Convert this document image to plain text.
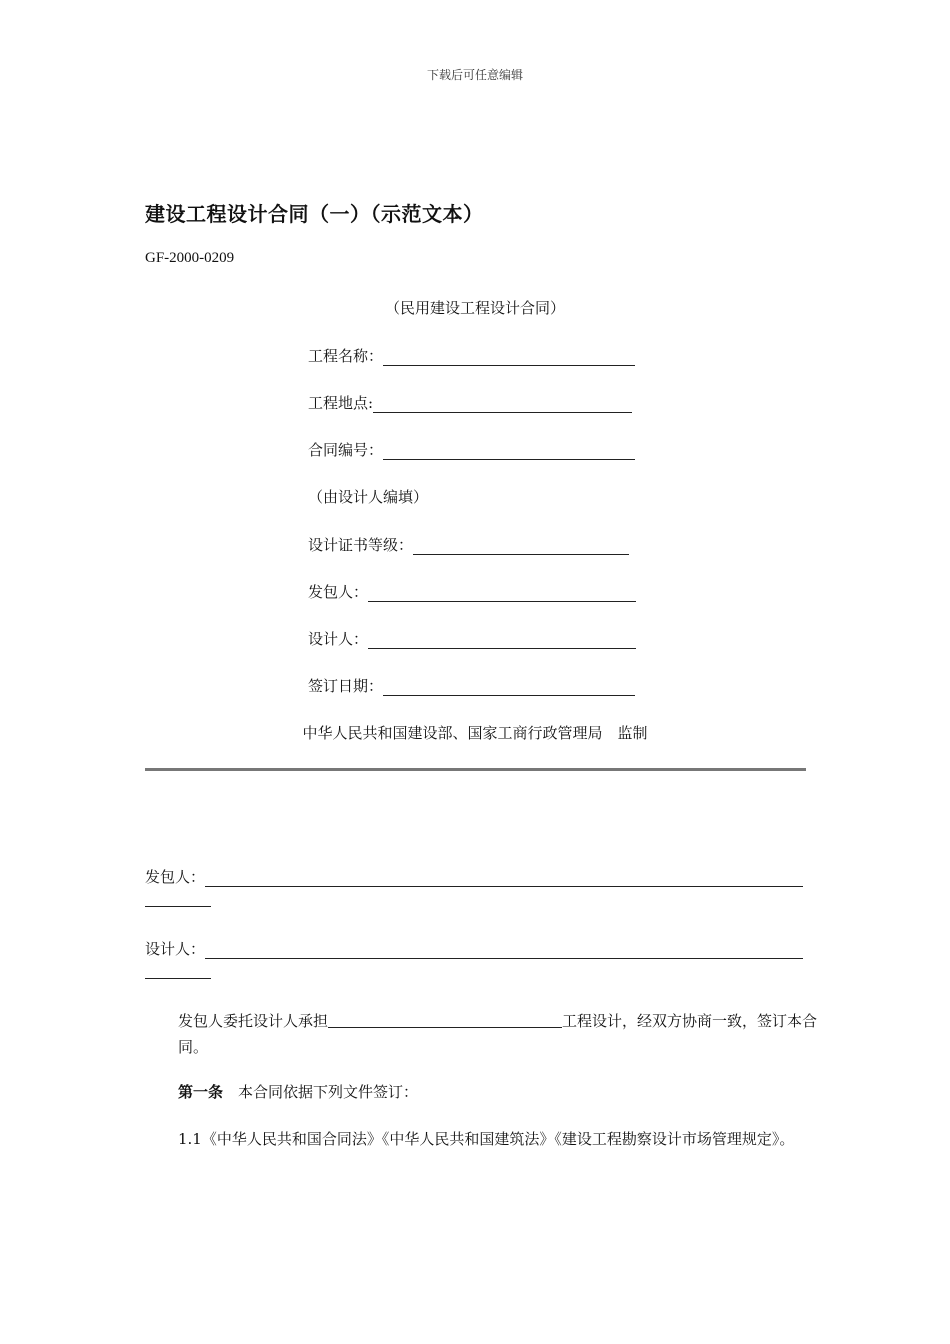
下载后可任意编辑
建设工程设计合同（一）（示范文本）
GF-2000-0209
（民用建设工程设计合同）
工程名称：
工程地点:
合同编号：
（由设计人编填）
设计证书等级：
发包人：
设计人：
签订日期：
中华人民共和国建设部、国家工商行政管理局　监制
发包人：
设计人：
发包人委托设计人承担	工程设计，经双方协商一致，签订本合同。
第一条　 本合同依据下列文件签订：
1.1《中华人民共和国合同法》《中华人民共和国建筑法》《建设工程勘察设计市场管理规定》。
